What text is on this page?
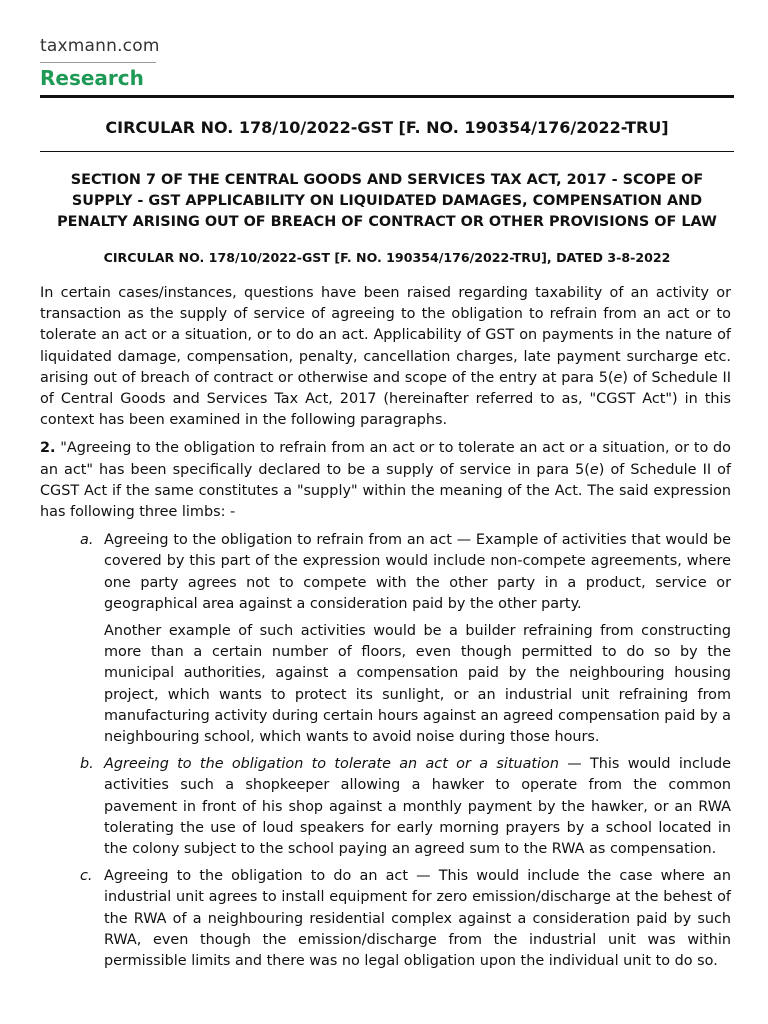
taxmann.com
Research
CIRCULAR NO. 178/10/2022-GST [F. NO. 190354/176/2022-TRU]
SECTION 7 OF THE CENTRAL GOODS AND SERVICES TAX ACT, 2017 - SCOPE OF SUPPLY - GST APPLICABILITY ON LIQUIDATED DAMAGES, COMPENSATION AND PENALTY ARISING OUT OF BREACH OF CONTRACT OR OTHER PROVISIONS OF LAW
CIRCULAR NO. 178/10/2022-GST [F. NO. 190354/176/2022-TRU], DATED 3-8-2022

In certain cases/instances, questions have been raised regarding taxability of an activity or transaction as the supply of service of agreeing to the obligation to refrain from an act or to tolerate an act or a situation, or to do an act. Applicability of GST on payments in the nature of liquidated damage, compensation, penalty, cancellation charges, late payment surcharge etc. arising out of breach of contract or otherwise and scope of the entry at para 5(e) of Schedule II of Central Goods and Services Tax Act, 2017 (hereinafter referred to as, "CGST Act") in this context has been examined in the following paragraphs.

2. "Agreeing to the obligation to refrain from an act or to tolerate an act or a situation, or to do an act" has been specifically declared to be a supply of service in para 5(e) of Schedule II of CGST Act if the same constitutes a "supply" within the meaning of the Act. The said expression has following three limbs: -

a. Agreeing to the obligation to refrain from an act — Example of activities that would be covered by this part of the expression would include non-compete agreements, where one party agrees not to compete with the other party in a product, service or geographical area against a consideration paid by the other party.

Another example of such activities would be a builder refraining from constructing more than a certain number of floors, even though permitted to do so by the municipal authorities, against a compensation paid by the neighbouring housing project, which wants to protect its sunlight, or an industrial unit refraining from manufacturing activity during certain hours against an agreed compensation paid by a neighbouring school, which wants to avoid noise during those hours.

b. Agreeing to the obligation to tolerate an act or a situation — This would include activities such a shopkeeper allowing a hawker to operate from the common pavement in front of his shop against a monthly payment by the hawker, or an RWA tolerating the use of loud speakers for early morning prayers by a school located in the colony subject to the school paying an agreed sum to the RWA as compensation.

c. Agreeing to the obligation to do an act — This would include the case where an industrial unit agrees to install equipment for zero emission/discharge at the behest of the RWA of a neighbouring residential complex against a consideration paid by such RWA, even though the emission/discharge from the industrial unit was within permissible limits and there was no legal obligation upon the individual unit to do so.
